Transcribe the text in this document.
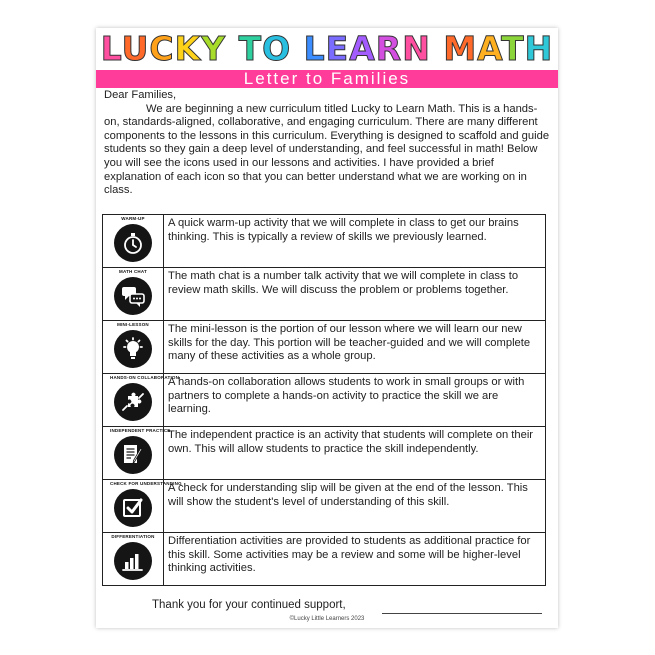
LUCKY TO LEARN MATH
Letter to Families

Dear Families,

We are beginning a new curriculum titled Lucky to Learn Math. This is a hands-on, standards-aligned, collaborative, and engaging curriculum. There are many different components to the lessons in this curriculum. Everything is designed to scaffold and guide students so they gain a deep level of understanding, and feel successful in math! Below you will see the icons used in our lessons and activities. I have provided a brief explanation of each icon so that you can better understand what we are working on in class.

WARM-UP	A quick warm-up activity that we will complete in class to get our brains thinking. This is typically a review of skills we previously learned.

MATH CHAT	The math chat is a number talk activity that we will complete in class to review math skills. We will discuss the problem or problems together.

MINI-LESSON	The mini-lesson is the portion of our lesson where we will learn our new skills for the day. This portion will be teacher-guided and we will complete many of these activities as a whole group.

HANDS-ON COLLABORATION	A hands-on collaboration allows students to work in small groups or with partners to complete a hands-on activity to practice the skill we are learning.

INDEPENDENT PRACTICE	The independent practice is an activity that students will complete on their own. This will allow students to practice the skill independently.

CHECK FOR UNDERSTANDING	A check for understanding slip will be given at the end of the lesson. This will show the student's level of understanding of this skill.

DIFFERENTIATION	Differentiation activities are provided to students as additional practice for this skill. Some activities may be a review and some will be higher-level thinking activities.
Thank you for your continued support,
©Lucky Little Learners 2023
